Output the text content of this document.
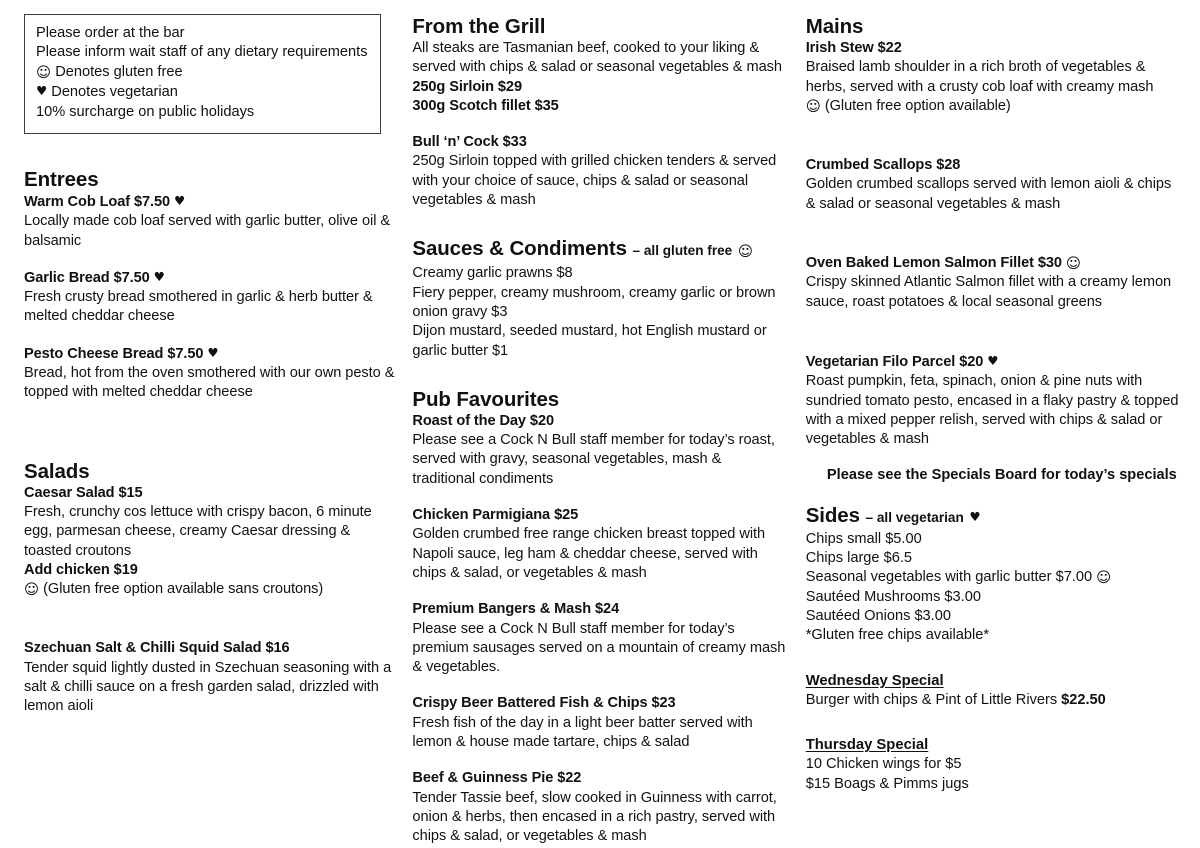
Please order at the bar
Please inform wait staff of any dietary requirements
☺ Denotes gluten free
♥ Denotes vegetarian
10% surcharge on public holidays
Entrees
Warm Cob Loaf $7.50 ♥
Locally made cob loaf served with garlic butter, olive oil & balsamic
Garlic Bread $7.50 ♥
Fresh crusty bread smothered in garlic & herb butter & melted cheddar cheese
Pesto Cheese Bread $7.50 ♥
Bread, hot from the oven smothered with our own pesto & topped with melted cheddar cheese
Salads
Caesar Salad $15
Fresh, crunchy cos lettuce with crispy bacon, 6 minute egg, parmesan cheese, creamy Caesar dressing & toasted croutons
Add chicken $19
☺ (Gluten free option available sans croutons)
Szechuan Salt & Chilli Squid Salad $16
Tender squid lightly dusted in Szechuan seasoning with a salt & chilli sauce on a fresh garden salad, drizzled with lemon aioli
From the Grill
All steaks are Tasmanian beef, cooked to your liking & served with chips & salad or seasonal vegetables & mash
250g Sirloin $29
300g Scotch fillet $35
Bull ‘n’ Cock $33
250g Sirloin topped with grilled chicken tenders & served with your choice of sauce, chips & salad or seasonal vegetables & mash
Sauces & Condiments – all gluten free ☺
Creamy garlic prawns $8
Fiery pepper, creamy mushroom, creamy garlic or brown onion gravy $3
Dijon mustard, seeded mustard, hot English mustard or garlic butter $1
Pub Favourites
Roast of the Day $20
Please see a Cock N Bull staff member for today’s roast, served with gravy, seasonal vegetables, mash & traditional condiments
Chicken Parmigiana $25
Golden crumbed free range chicken breast topped with Napoli sauce, leg ham & cheddar cheese, served with chips & salad, or vegetables & mash
Premium Bangers & Mash $24
Please see a Cock N Bull staff member for today’s premium sausages served on a mountain of creamy mash & vegetables.
Crispy Beer Battered Fish & Chips $23
Fresh fish of the day in a light beer batter served with lemon & house made tartare, chips & salad
Beef & Guinness Pie $22
Tender Tassie beef, slow cooked in Guinness with carrot, onion & herbs, then encased in a rich pastry, served with chips & salad, or vegetables & mash
Mains
Irish Stew $22
Braised lamb shoulder in a rich broth of vegetables & herbs, served with a crusty cob loaf with creamy mash
☺ (Gluten free option available)
Crumbed Scallops $28
Golden crumbed scallops served with lemon aioli & chips & salad or seasonal vegetables & mash
Oven Baked Lemon Salmon Fillet $30 ☺
Crispy skinned Atlantic Salmon fillet with a creamy lemon sauce, roast potatoes & local seasonal greens
Vegetarian Filo Parcel $20 ♥
Roast pumpkin, feta, spinach, onion & pine nuts with sundried tomato pesto, encased in a flaky pastry & topped with a mixed pepper relish, served with chips & salad or vegetables & mash
Please see the Specials Board for today’s specials
Sides – all vegetarian ♥
Chips small $5.00
Chips large $6.5
Seasonal vegetables with garlic butter $7.00 ☺
Sautéed Mushrooms $3.00
Sautéed Onions $3.00
*Gluten free chips available*
Wednesday Special
Burger with chips & Pint of Little Rivers $22.50
Thursday Special
10 Chicken wings for $5
$15 Boags & Pimms jugs
